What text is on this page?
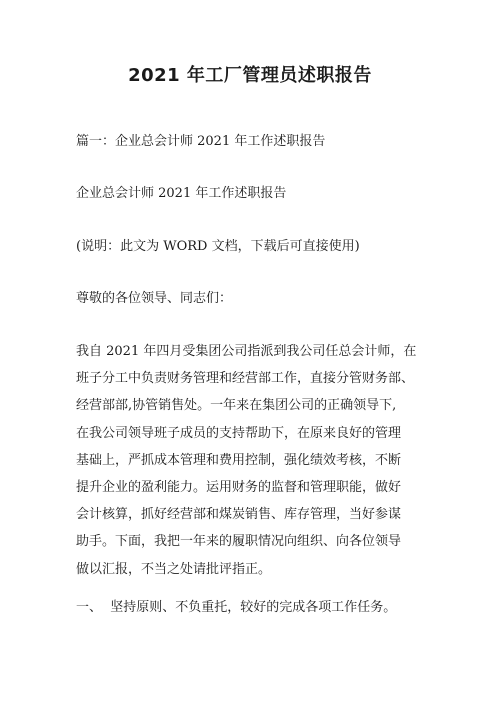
2021 年工厂管理员述职报告

篇一：企业总会计师 2021 年工作述职报告

企业总会计师 2021 年工作述职报告

(说明：此文为 WORD 文档，下载后可直接使用)

尊敬的各位领导、同志们：

我自 2021 年四月受集团公司指派到我公司任总会计师，在
班子分工中负责财务管理和经营部工作，直接分管财务部、
经营部部,协管销售处。一年来在集团公司的正确领导下,
在我公司领导班子成员的支持帮助下，在原来良好的管理
基础上，严抓成本管理和费用控制，强化绩效考核，不断
提升企业的盈利能力。运用财务的监督和管理职能，做好
会计核算，抓好经营部和煤炭销售、库存管理，当好参谋
助手。下面，我把一年来的履职情况向组织、向各位领导
做以汇报，不当之处请批评指正。

一、  坚持原则、不负重托，较好的完成各项工作任务。
